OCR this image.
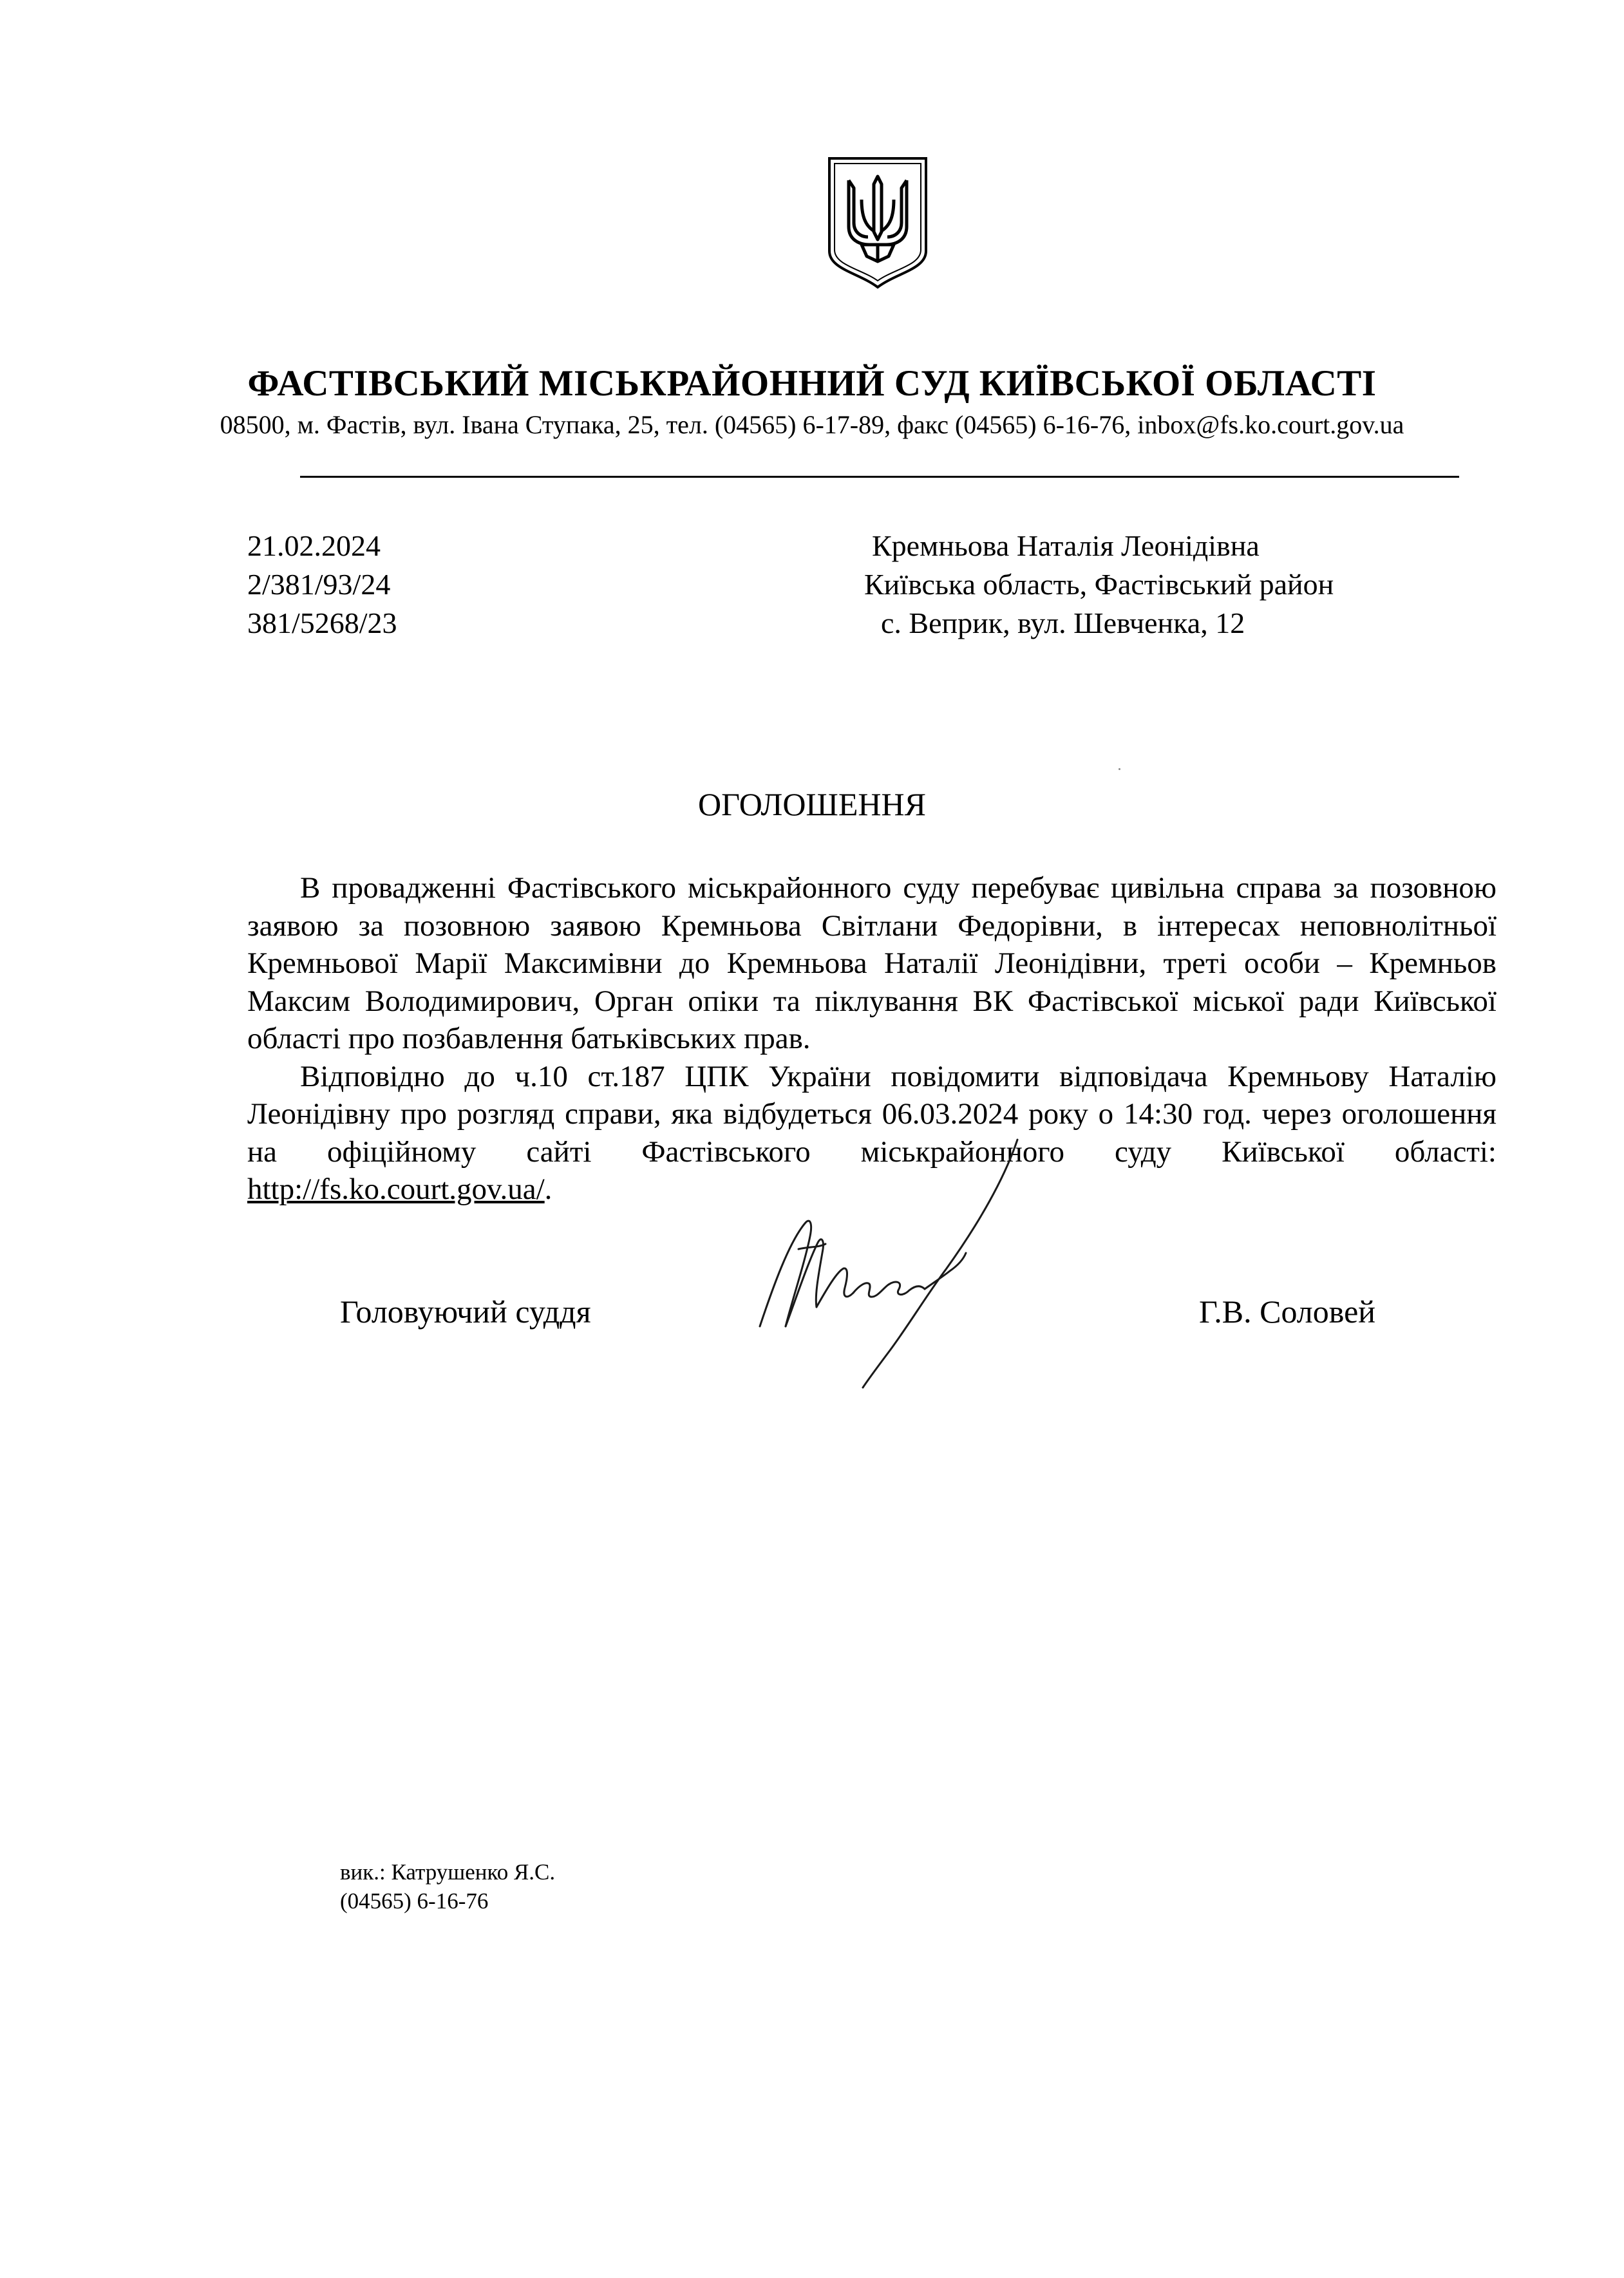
ФАСТІВСЬКИЙ МІСЬКРАЙОННИЙ СУД КИЇВСЬКОЇ ОБЛАСТІ
08500, м. Фастів, вул. Івана Ступака, 25, тел. (04565) 6-17-89, факс (04565) 6-16-76, inbox@fs.ko.court.gov.ua
21.02.2024
2/381/93/24
381/5268/23
Кремньова Наталія Леонідівна
Київська область, Фастівський район
с. Веприк, вул. Шевченка, 12
ОГОЛОШЕННЯ

В провадженні Фастівського міськрайонного суду перебуває цивільна справа за позовною заявою за позовною заявою Кремньова Світлани Федорівни, в інтересах неповнолітньої Кремньової Марії Максимівни до Кремньова Наталії Леонідівни, треті особи – Кремньов Максим Володимирович, Орган опіки та піклування ВК Фастівської міської ради Київської області про позбавлення батьківських прав.

Відповідно до ч.10 ст.187 ЦПК України повідомити відповідача Кремньову Наталію Леонідівну про розгляд справи, яка відбудеться 06.03.2024 року о 14:30 год. через оголошення на офіційному сайті Фастівського міськрайонного суду Київської області: http://fs.ko.court.gov.ua/.

Головуючий суддя	Г.В. Соловей
вик.: Катрушенко Я.С.
(04565) 6-16-76
